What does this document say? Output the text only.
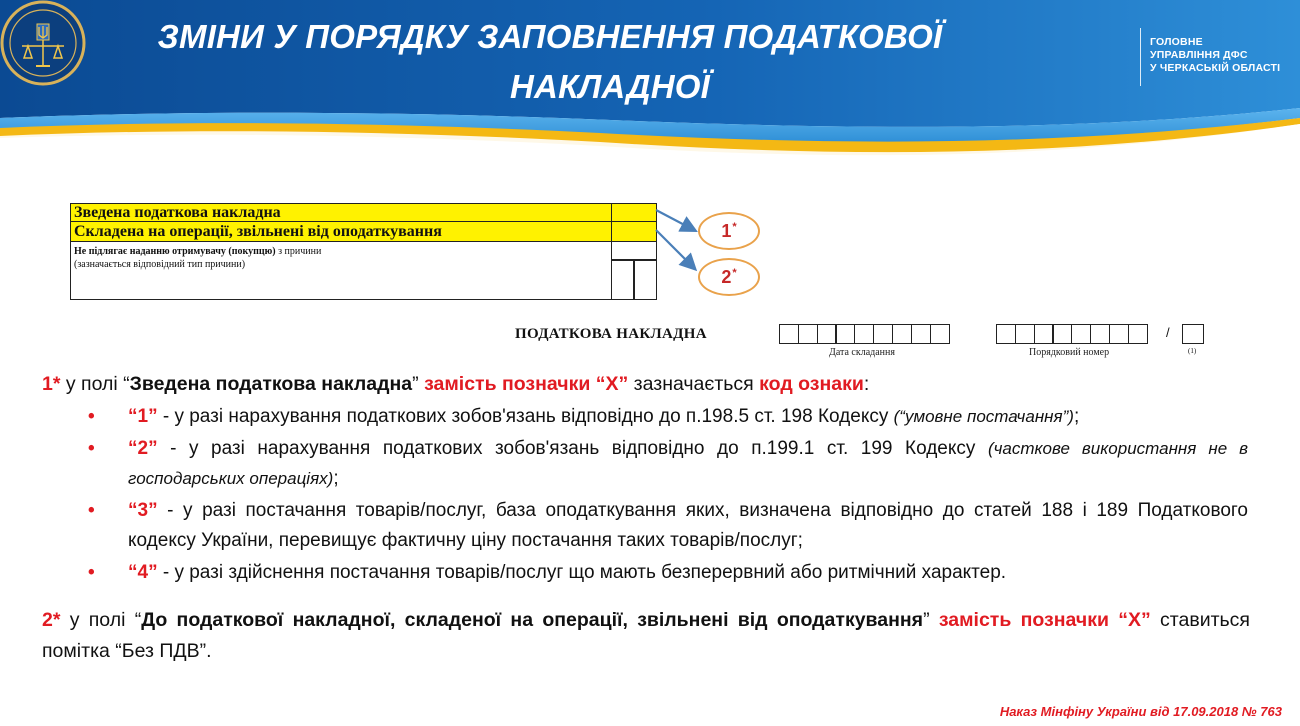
ЗМІНИ У ПОРЯДКУ ЗАПОВНЕННЯ ПОДАТКОВОЇ
НАКЛАДНОЇ
ГОЛОВНЕ
УПРАВЛІННЯ ДФС
У ЧЕРКАСЬКІЙ ОБЛАСТІ
Зведена податкова накладна
Складена на операції, звільнені від оподаткування
Не підлягає наданню отримувачу (покупцю) з причини
(зазначається відповідний тип причини)
1*
2*
ПОДАТКОВА НАКЛАДНА
Дата складання	Порядковий номер
/
(1)
1* у полі “Зведена податкова накладна” замість позначки “Х” зазначається код ознаки:
• “1” - у разі нарахування податкових зобов'язань відповідно до п.198.5 ст. 198 Кодексу (“умовне постачання”);
• “2” - у разі нарахування податкових зобов'язань відповідно до п.199.1 ст. 199 Кодексу (часткове використання не в господарських операціях);
• “3” - у разі постачання товарів/послуг, база оподаткування яких, визначена відповідно до статей 188 і 189 Податкового кодексу України, перевищує фактичну ціну постачання таких товарів/послуг;
• “4” - у разі здійснення постачання товарів/послуг що мають безперервний або ритмічний характер.
2* у полі “До податкової накладної, складеної на операції, звільнені від оподаткування” замість позначки “Х” ставиться помітка “Без ПДВ”.
Наказ Мінфіну України від 17.09.2018 № 763
